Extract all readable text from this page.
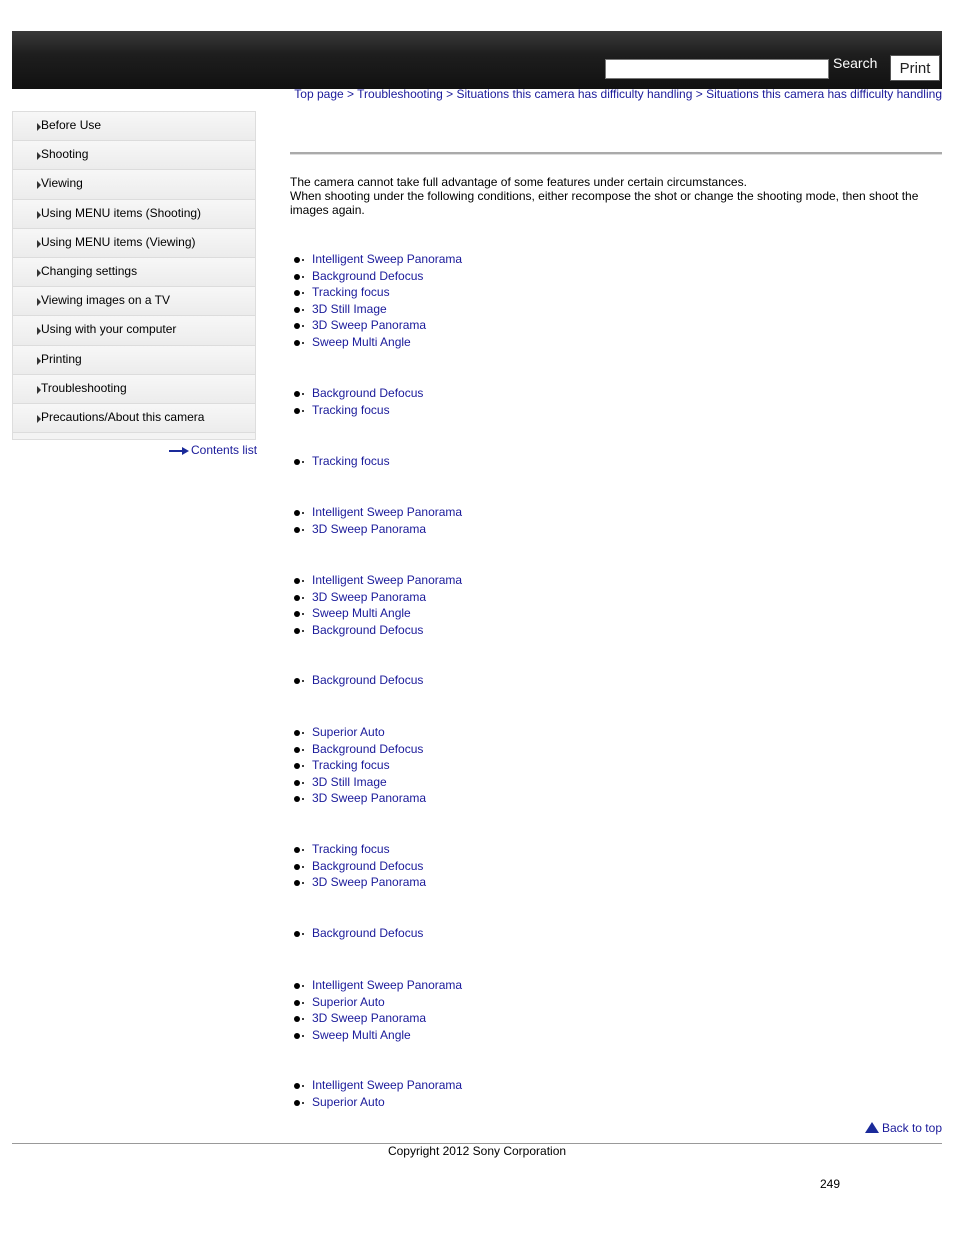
Search	Print
Top page > Troubleshooting > Situations this camera has difficulty handling > Situations this camera has difficulty handling
Before Use
Shooting
Viewing
Using MENU items (Shooting)
Using MENU items (Viewing)
Changing settings
Viewing images on a TV
Using with your computer
Printing
Troubleshooting
Precautions/About this camera
Contents list

The camera cannot take full advantage of some features under certain circumstances.

When shooting under the following conditions, either recompose the shot or change the shooting mode, then shoot the images again.

Intelligent Sweep Panorama
Background Defocus
Tracking focus
3D Still Image
3D Sweep Panorama
Sweep Multi Angle
Background Defocus
Tracking focus
Tracking focus
Intelligent Sweep Panorama
3D Sweep Panorama
Intelligent Sweep Panorama
3D Sweep Panorama
Sweep Multi Angle
Background Defocus
Background Defocus
Superior Auto
Background Defocus
Tracking focus
3D Still Image
3D Sweep Panorama
Tracking focus
Background Defocus
3D Sweep Panorama
Background Defocus
Intelligent Sweep Panorama
Superior Auto
3D Sweep Panorama
Sweep Multi Angle
Intelligent Sweep Panorama
Superior Auto
Back to top
Copyright 2012 Sony Corporation
249
